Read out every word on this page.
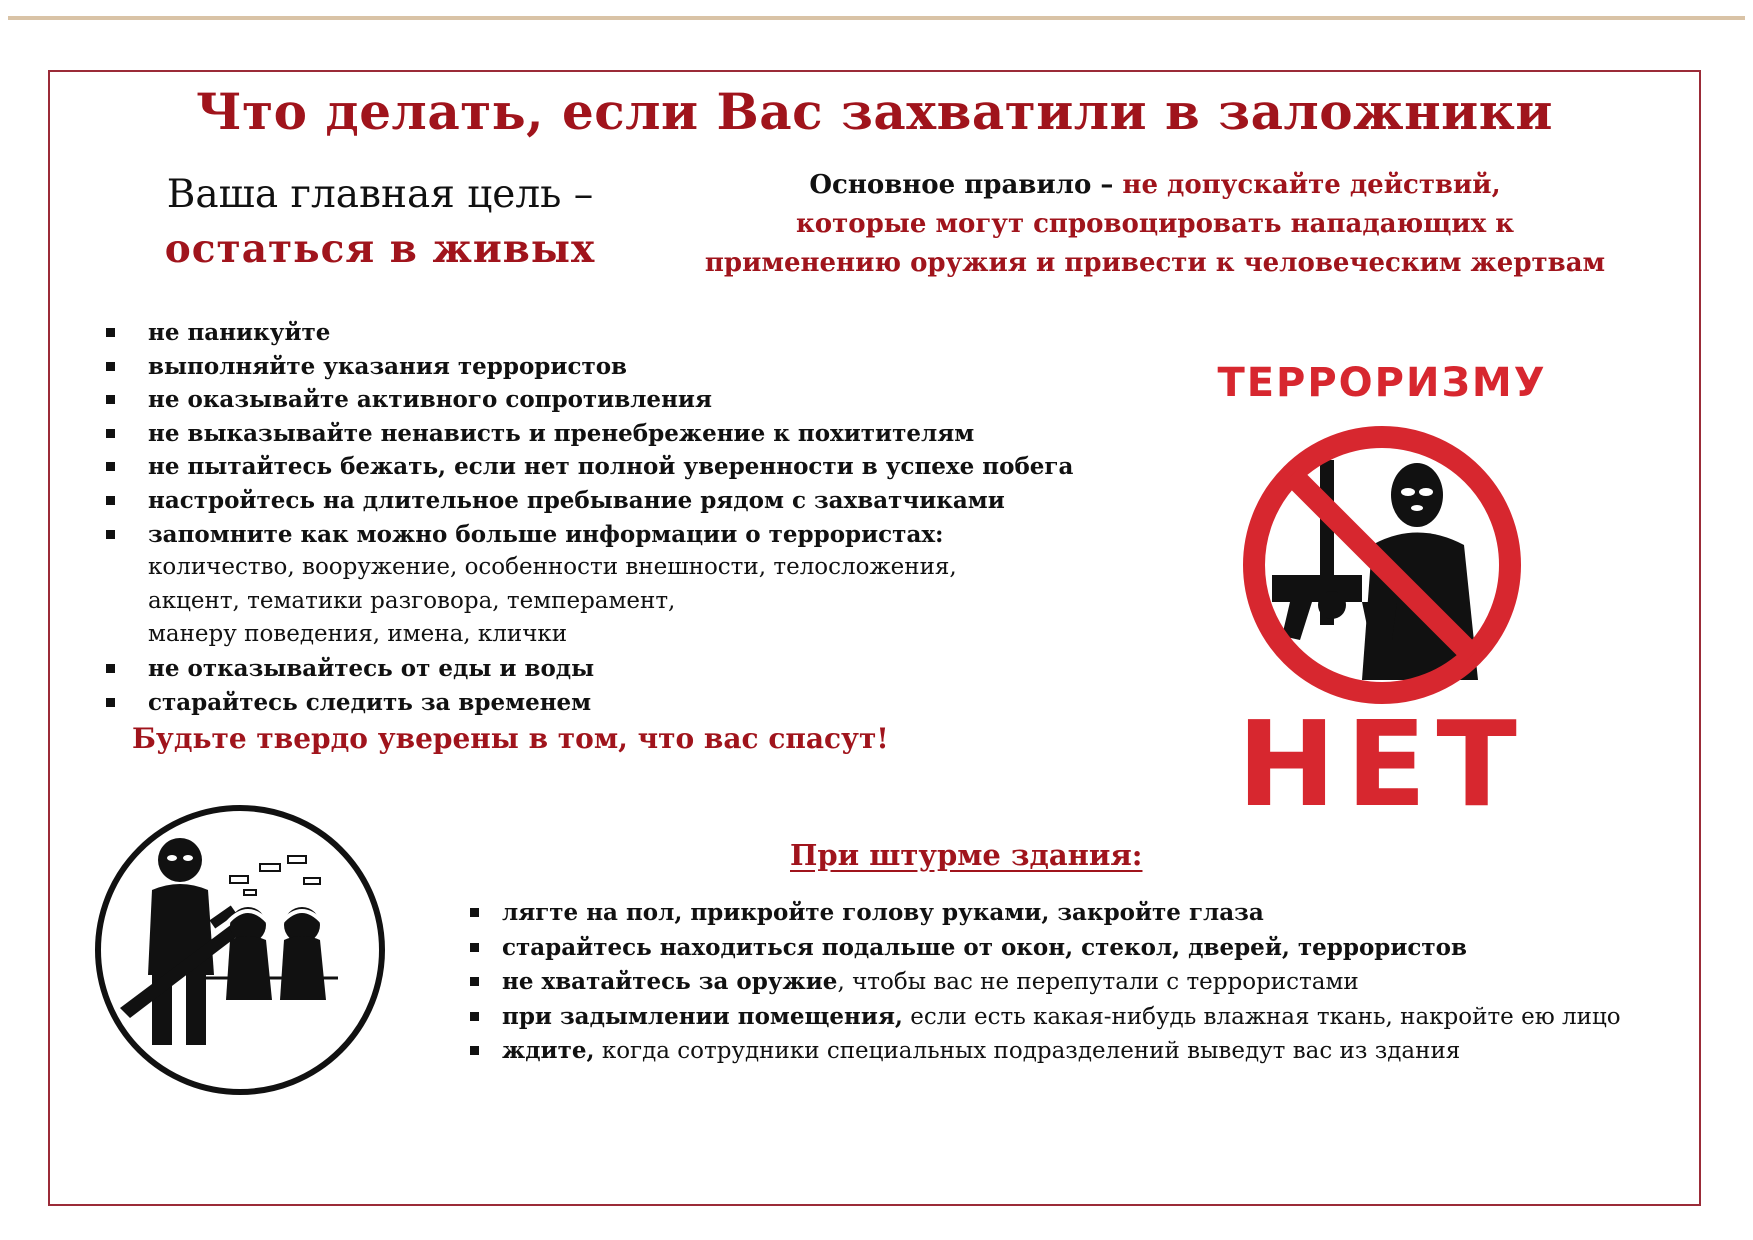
Что делать, если Вас захватили в заложники
Ваша главная цель –
остаться в живых
Основное правило – не допускайте действий,
которые могут спровоцировать нападающих к
применению оружия и привести к человеческим жертвам
не паникуйте
выполняйте указания террористов
не оказывайте активного сопротивления
не выказывайте ненависть и пренебрежение к похитителям
не пытайтесь бежать, если нет полной уверенности в успехе побега
настройтесь на длительное пребывание рядом с захватчиками
запомните как можно больше информации о террористах:
количество, вооружение, особенности внешности, телосложения,
акцент, тематики разговора, темперамент,
манеру поведения, имена, клички
не отказывайтесь от еды и воды
старайтесь следить за временем
Будьте твердо уверены в том, что вас спасут!
ТЕРРОРИЗМУ
НЕТ
При штурме здания:
лягте на пол, прикройте голову руками, закройте глаза
старайтесь находиться подальше от окон, стекол, дверей, террористов
не хватайтесь за оружие, чтобы вас не перепутали с террористами
при задымлении помещения, если есть какая-нибудь влажная ткань, накройте ею лицо
ждите, когда сотрудники специальных подразделений выведут вас из здания
